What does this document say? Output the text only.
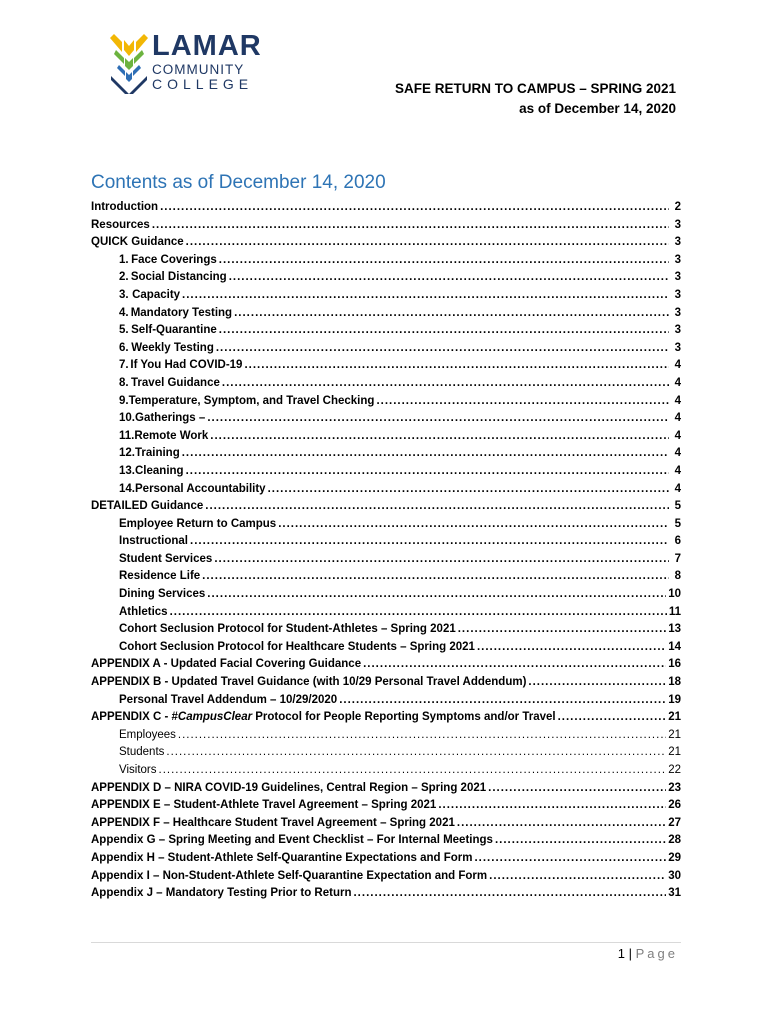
LAMAR
COMMUNITY
COLLEGE	SAFE RETURN TO CAMPUS – SPRING 2021
as of December 14, 2020
Contents as of December 14, 2020
Introduction .....	2
Resources .....	3
QUICK Guidance .....	3
1. Face Coverings .....	3
2. Social Distancing .....	3
3. Capacity .....	3
4. Mandatory Testing .....	3
5. Self-Quarantine .....	3
6. Weekly Testing .....	3
7. If You Had COVID-19 .....	4
8. Travel Guidance .....	4
9. Temperature, Symptom, and Travel Checking .....	4
10. Gatherings – .....	4
11. Remote Work .....	4
12. Training .....	4
13. Cleaning .....	4
14. Personal Accountability .....	4
DETAILED Guidance .....	5
Employee Return to Campus .....	5
Instructional .....	6
Student Services .....	7
Residence Life .....	8
Dining Services .....	10
Athletics .....	11
Cohort Seclusion Protocol for Student-Athletes – Spring 2021 .....	13
Cohort Seclusion Protocol for Healthcare Students – Spring 2021 .....	14
APPENDIX A - Updated Facial Covering Guidance .....	16
APPENDIX B - Updated Travel Guidance (with 10/29 Personal Travel Addendum) .....	18
Personal Travel Addendum – 10/29/2020 .....	19
APPENDIX C - #CampusClear Protocol for People Reporting Symptoms and/or Travel .....	21
Employees .....	21
Students .....	21
Visitors .....	22
APPENDIX D – NIRA COVID-19 Guidelines, Central Region – Spring 2021 .....	23
APPENDIX E – Student-Athlete Travel Agreement – Spring 2021 .....	26
APPENDIX F – Healthcare Student Travel Agreement – Spring 2021 .....	27
Appendix G – Spring Meeting and Event Checklist – For Internal Meetings .....	28
Appendix H – Student-Athlete Self-Quarantine Expectations and Form .....	29
Appendix I – Non-Student-Athlete Self-Quarantine Expectation and Form .....	30
Appendix J – Mandatory Testing Prior to Return .....	31
1 | Page
